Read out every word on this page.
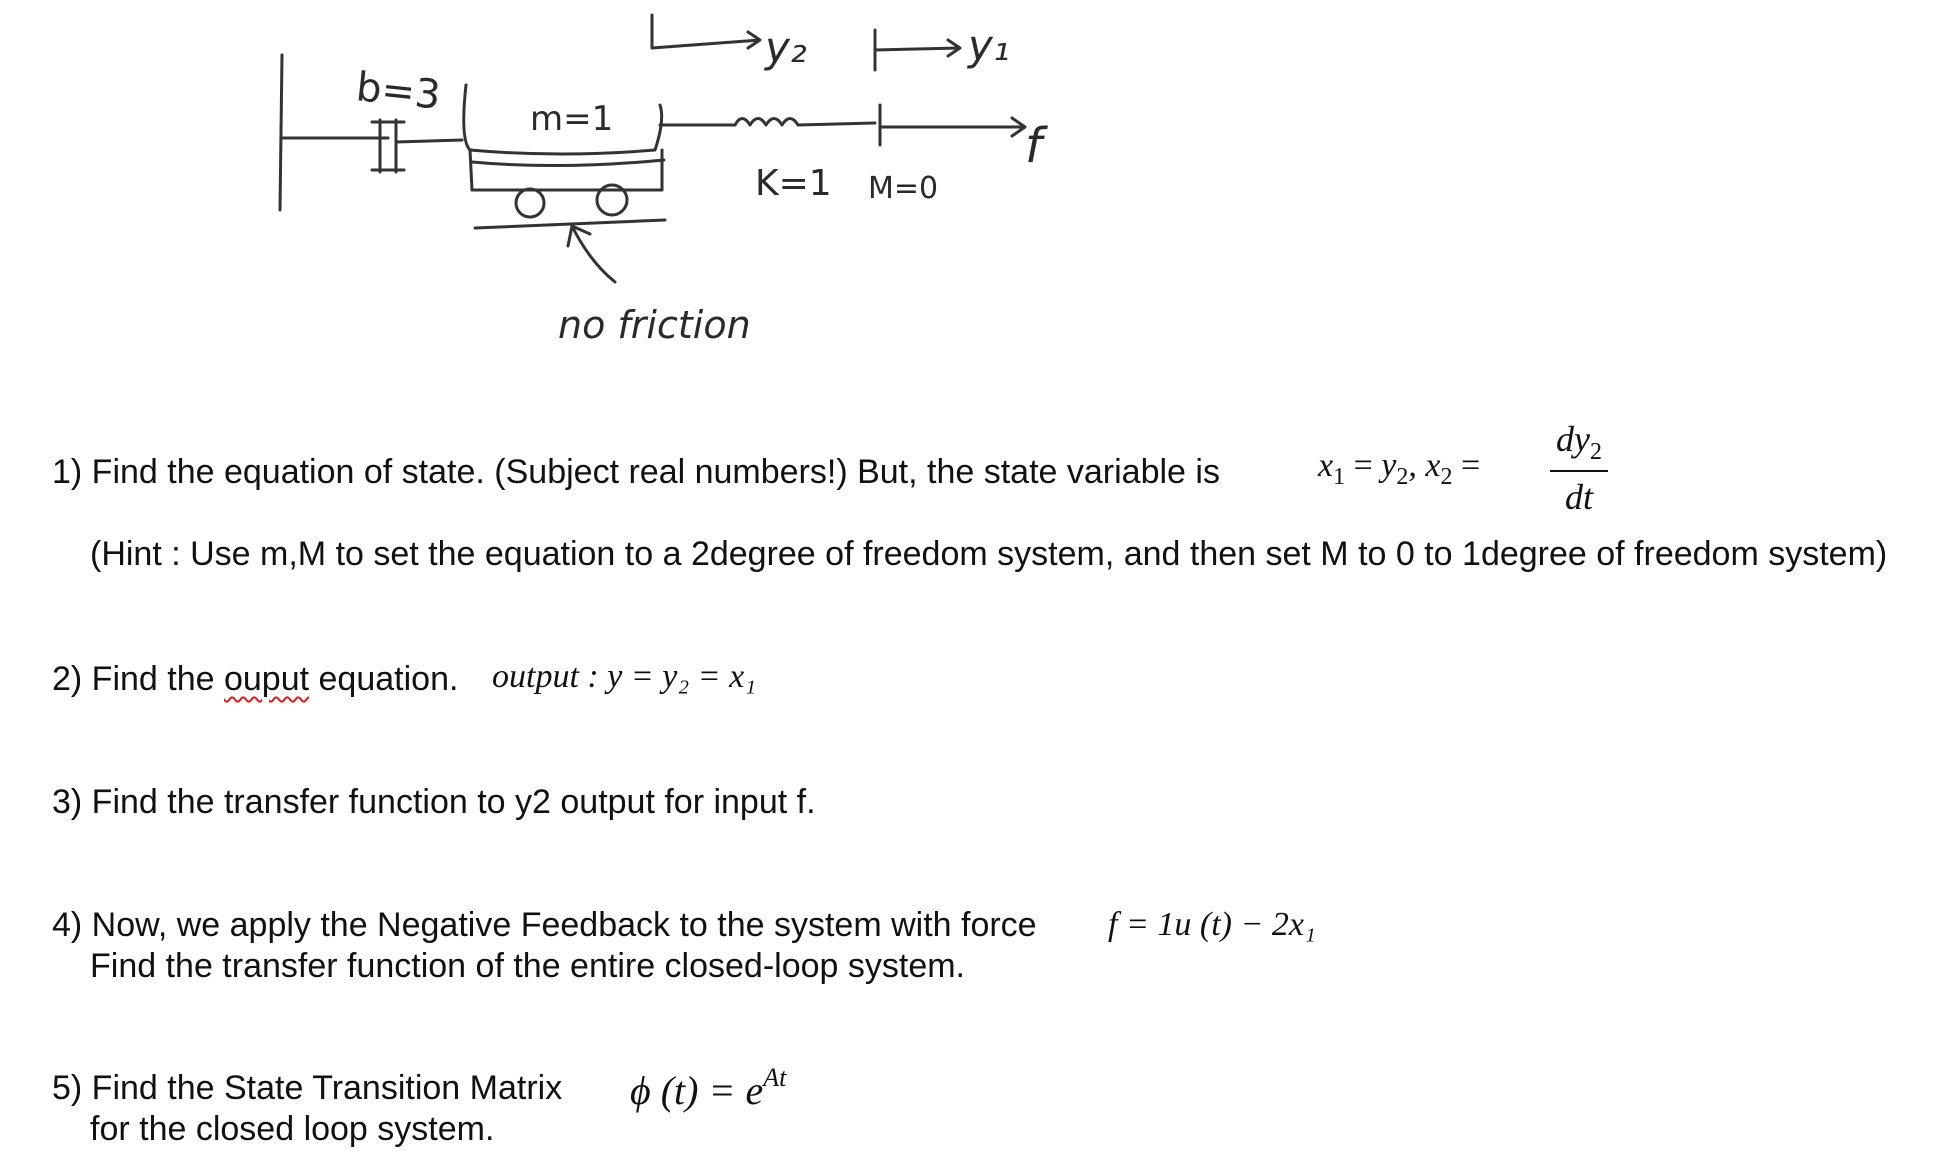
b=3
m=1
K=1 M=0
y₂	y₁
f
no friction
1) Find the equation of state. (Subject real numbers!) But, the state variable is	$x_1 = y_2$, $x_2 = \frac{dy_2}{dt}$
(Hint : Use m,M to set the equation to a 2degree of freedom system, and then set M to 0 to 1degree of freedom system)
2) Find the ouput equation. output : y = y₂ = x₁
3) Find the transfer function to y2 output for input f.
4) Now, we apply the Negative Feedback to the system with force
Find the transfer function of the entire closed-loop system.
f = 1u (t) − 2x₁
5) Find the State Transition Matrix
for the closed loop system.
ϕ $(t) = e^{At}$
